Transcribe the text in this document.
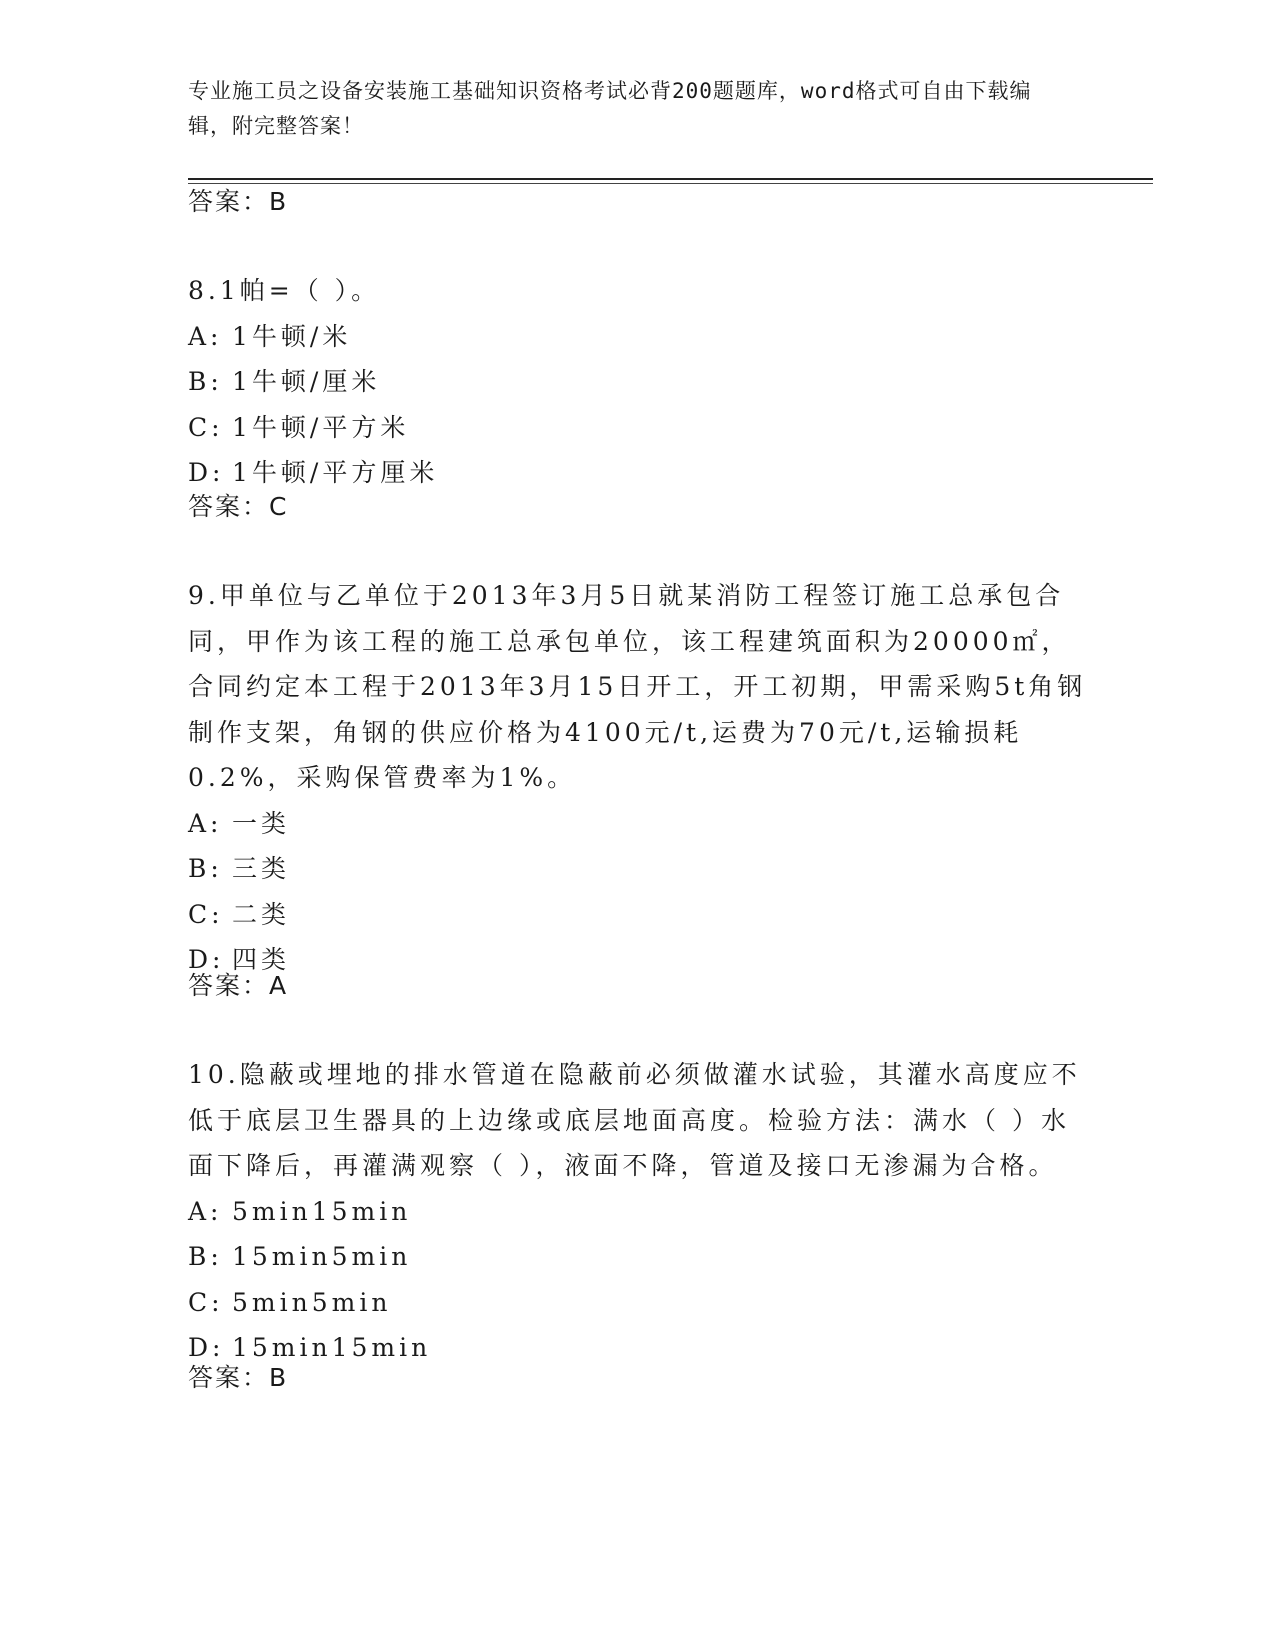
专业施工员之设备安装施工基础知识资格考试必背200题题库，word格式可自由下载编辑，附完整答案！
答案：B
8.1帕=（ ）。
A: 1牛顿/米
B: 1牛顿/厘米
C: 1牛顿/平方米
D: 1牛顿/平方厘米
答案：C
9.甲单位与乙单位于2013年3月5日就某消防工程签订施工总承包合同，甲作为该工程的施工总承包单位，该工程建筑面积为20000㎡，合同约定本工程于2013年3月15日开工，开工初期，甲需采购5t角钢制作支架，角钢的供应价格为4100元/t,运费为70元/t,运输损耗0.2%，采购保管费率为1%。
A: 一类
B: 三类
C: 二类
D: 四类
答案：A
10.隐蔽或埋地的排水管道在隐蔽前必须做灌水试验，其灌水高度应不低于底层卫生器具的上边缘或底层地面高度。检验方法：满水（ ）水面下降后，再灌满观察（ ），液面不降，管道及接口无渗漏为合格。
A: 5min15min
B: 15min5min
C: 5min5min
D: 15min15min
答案：B
